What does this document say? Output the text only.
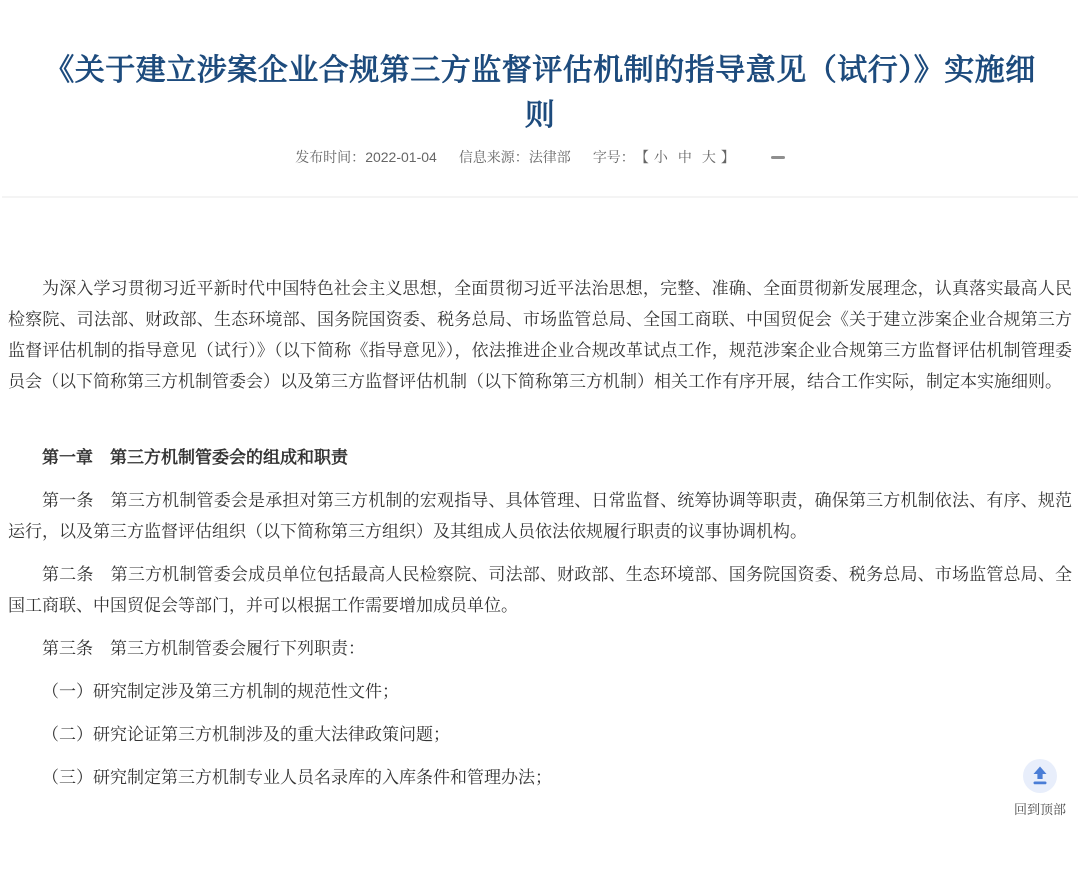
《关于建立涉案企业合规第三方监督评估机制的指导意见（试行）》实施细
则
发布时间：2022-01-04 信息来源：法律部 字号： 【 小 中 大 】

为深入学习贯彻习近平新时代中国特色社会主义思想，全面贯彻习近平法治思想，完整、准确、全面贯彻新发展理念，认真落实最高人民检察院、司法部、财政部、生态环境部、国务院国资委、税务总局、市场监管总局、全国工商联、中国贸促会《关于建立涉案企业合规第三方监督评估机制的指导意见（试行）》（以下简称《指导意见》），依法推进企业合规改革试点工作，规范涉案企业合规第三方监督评估机制管理委员会（以下简称第三方机制管委会）以及第三方监督评估机制（以下简称第三方机制）相关工作有序开展，结合工作实际，制定本实施细则。

第一章　第三方机制管委会的组成和职责

第一条　第三方机制管委会是承担对第三方机制的宏观指导、具体管理、日常监督、统筹协调等职责，确保第三方机制依法、有序、规范运行，以及第三方监督评估组织（以下简称第三方组织）及其组成人员依法依规履行职责的议事协调机构。

第二条　第三方机制管委会成员单位包括最高人民检察院、司法部、财政部、生态环境部、国务院国资委、税务总局、市场监管总局、全国工商联、中国贸促会等部门，并可以根据工作需要增加成员单位。

第三条　第三方机制管委会履行下列职责：

（一）研究制定涉及第三方机制的规范性文件；

（二）研究论证第三方机制涉及的重大法律政策问题；

（三）研究制定第三方机制专业人员名录库的入库条件和管理办法；

回到顶部
